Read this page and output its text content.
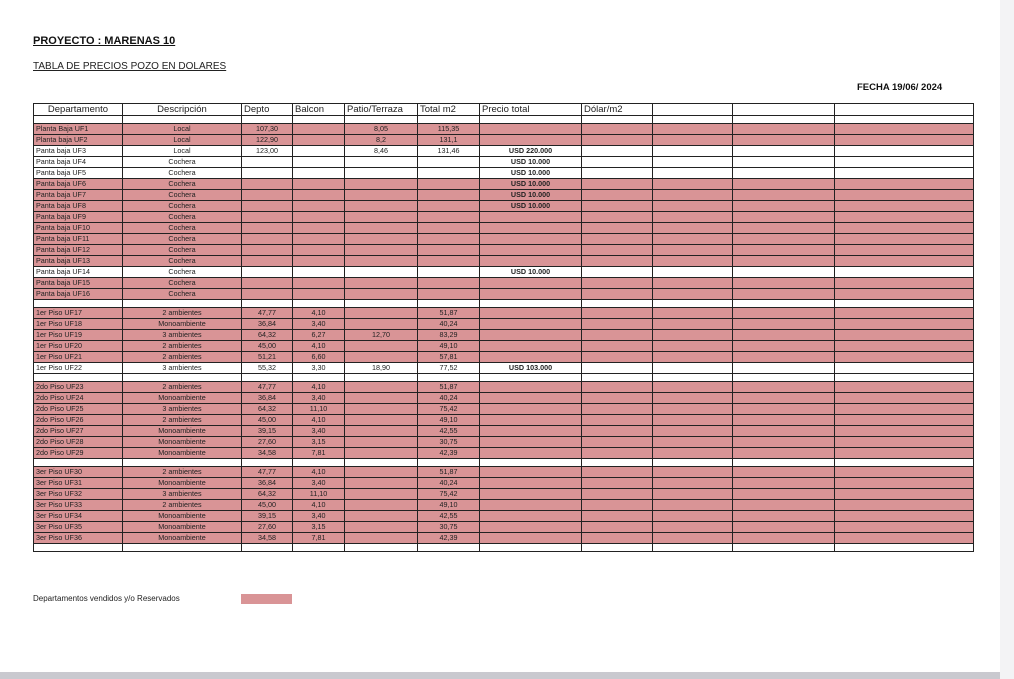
PROYECTO : MARENAS 10
TABLA DE PRECIOS POZO EN DOLARES
FECHA 19/06/ 2024
Departamento	Descripción	Depto	Balcon	Patio/Terraza	Total m2	Precio total	Dólar/m2			

Planta Baja UF1	Local	107,30		8,05	115,35					
Planta baja UF2	Local	122,90		8,2	131,1					
Panta baja UF3	Local	123,00		8,46	131,46	USD 220.000				
Panta baja UF4	Cochera					USD 10.000				
Panta baja UF5	Cochera					USD 10.000				
Panta baja UF6	Cochera					USD 10.000				
Panta baja UF7	Cochera					USD 10.000				
Panta baja UF8	Cochera					USD 10.000				
Panta baja UF9	Cochera									
Panta baja UF10	Cochera									
Panta baja UF11	Cochera									
Panta baja UF12	Cochera									
Panta baja UF13	Cochera									
Panta baja UF14	Cochera					USD 10.000				
Panta baja UF15	Cochera									
Panta baja UF16	Cochera									

1er Piso UF17	2 ambientes	47,77	4,10		51,87					
1er Piso UF18	Monoambiente	36,84	3,40		40,24					
1er Piso UF19	3 ambientes	64,32	6,27	12,70	83,29					
1er Piso UF20	2 ambientes	45,00	4,10		49,10					
1er Piso UF21	2 ambientes	51,21	6,60		57,81					
1er Piso UF22	3 ambientes	55,32	3,30	18,90	77,52	USD 103.000				

2do Piso UF23	2 ambientes	47,77	4,10		51,87					
2do Piso UF24	Monoambiente	36,84	3,40		40,24					
2do Piso UF25	3 ambientes	64,32	11,10		75,42					
2do Piso UF26	2 ambientes	45,00	4,10		49,10					
2do Piso UF27	Monoambiente	39,15	3,40		42,55					
2do Piso UF28	Monoambiente	27,60	3,15		30,75					
2do Piso UF29	Monoambiente	34,58	7,81		42,39					

3er Piso UF30	2 ambientes	47,77	4,10		51,87					
3er Piso UF31	Monoambiente	36,84	3,40		40,24					
3er Piso UF32	3 ambientes	64,32	11,10		75,42					
3er Piso UF33	2 ambientes	45,00	4,10		49,10					
3er Piso UF34	Monoambiente	39,15	3,40		42,55					
3er Piso UF35	Monoambiente	27,60	3,15		30,75					
3er Piso UF36	Monoambiente	34,58	7,81		42,39					

Departamentos vendidos y/o Reservados
